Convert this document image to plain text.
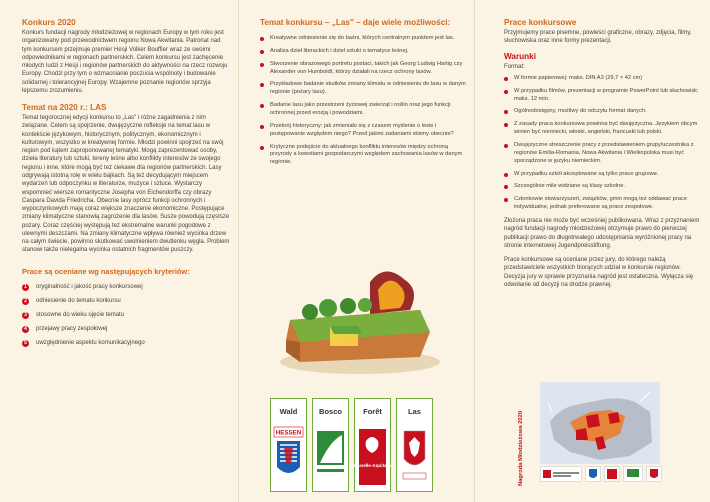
Konkurs 2020

Konkurs fundacji nagrody młodzieżowej w regionach Europy w tym roku jest organizowany pod przewodnictwem regionu Nowa Akwitania. Patronat nad tym konkursem przejmuje premier Hesji Volker Bouffier wraz ze swoimi odpowiednikami w regionach partnerskich. Celem konkursu jest zachęcenie młodych ludzi z Hesji i regionów partnerskich do aktywności na rzecz rozwoju Europy. Chodzi przy tym o wzmacnianie poczucia wspólnoty i budowanie solidarnej i tolerancyjnej Europy. Wzajemne poznanie regionów sprzyja lepszemu zrozumieniu.

Temat na 2020 r.: LAS

Temat tegorocznej edycji konkursu to „Las" i różne zagadnienia z nim związane. Celem są spojrzenie, dwujęzyczne refleksje na temat lasu w kontekście językowym, historycznym, politycznym, ekonomicznym i kulturowym, wszystko w kreatywnej formie. Młodzi powinni spojrzeć na swój region pod kątem zaproponowanej tematyki. Mogą zaprezentować osoby, dzieła literatury lub sztuki, tereny leśne albo konflikty interesów ze swojego regionu i inne, które mogą być też ciekawe dla regionów partnerskich. Lasy odgrywają istotną rolę w wielu bajkach. Są też decydującym miejscem wydarzeń lub odpoczynku w literaturze, muzyce i sztuce. Wystarczy wspomnieć wiersze romantyczne Josepha von Eichendorffa czy obrazy Caspara Davida Friedricha. Obecnie lasy oprócz funkcji ochronnych i wypoczynkowych mają coraz większe znaczenie ekonomiczne. Postępujące zmiany klimatyczne stanowią zagrożenie dla lasów. Susze powodują częstsze pożary. Coraz częściej występują też ekstremalne warunki pogodowe z ulewnymi deszczami. Na zmiany klimatyczne wpływa również wycinka drzew na całym świecie, powinno skutkować uwolnieniem dwutlenku węgla. Problem stanowi także nielegalna wycinka ostatnich fragmentów puszczy.

Prace są oceniane wg następujących kryteriów:
1	oryginalność i jakość pracy konkursowej
2	odniesienie do tematu konkursu
3	stosowne do wieku ujęcie tematu
4	przejawy pracy zespołowej
5	uwzględnienie aspektu komunikacyjnego
Temat konkursu – „Las" – daje wiele możliwości:
Kreatywne odniesienie się do baśni, których centralnym punktem jest las.
Analiza dzieł literackich i dzieł sztuki o tematyce leśnej.
Stworzenie obrazowego portretu postaci, takich jak Georg Ludwig Hartig czy Alexander von Humboldt, którzy działali na rzecz ochrony lasów.
Przykładowe badanie skutków zmiany klimatu w odniesieniu do lasu w danym regionie (pożary lasu).
Badanie lasu jako przestrzeni życiowej zwierząt i roślin oraz jego funkcji ochronnej przed erozją i powodziami.
Przekrój historyczny: jak zmieniało się z czasem myślenie o lesie i postępowanie względem niego? Przed jakimi zadaniami stoimy obecnie?
Krytyczne podejście do aktualnego konfliktu interesów między ochroną przyrody a kwestiami gospodarczymi względem zachowania lasów w danym regionie.
Wald
HESSEN
Bosco	Forêt
Nouvelle-Aquitaine
Las
Prace konkursowe

Przyjmujemy prace pisemne, powieści graficzne, obrazy, zdjęcia, filmy, słuchowiska oraz inne formy prezentacji.

Warunki

Format:

W formie papierowej: maks. DIN A3 (29,7 × 42 cm)
W przypadku filmów, prezentacji w programie PowerPoint lub słuchowisk: maks. 12 min.
Ogólnodostępny, możliwy do odczytu format danych.
Z zasady praca konkursowa powinna być dwujęzyczna. Językiem obcym winien być niemiecki, włoski, angielski, francuski lub polski.
Dwujęzyczne streszczenie pracy z przedstawieniem grupy/uczestnika z regionów Emilia-Romania, Nowa Akwitania i Wielkopolska musi być sporządzone w języku niemieckim.
W przypadku szkół akceptowane są tylko prace grupowe.
Szczególnie mile widziane są klasy szkolne.
Członkowie stowarzyszeń, związków, gmin mogą też oddawać prace indywidualne, jednak preferowane są prace zespołowe.

Złożona praca nie może być wcześniej publikowana. Wraz z przyznaniem nagród fundacji nagrody młodzieżowej otrzymuje prawo do pierwszej publikacji prawo do długotrwałego udostępniania wyróżnionej pracy na stronie internetowej Jugendpreisstiftung.

Prace konkursowe są oceniane przez jury, do którego należą przedstawiciele wszystkich biorących udział w konkursie regionów. Decyzja jury w sprawie przyznania nagród jest ostateczna. Wyłącza się odwołanie od decyzji na drodze prawnej.

Nagroda Młodzieżowa 2020
